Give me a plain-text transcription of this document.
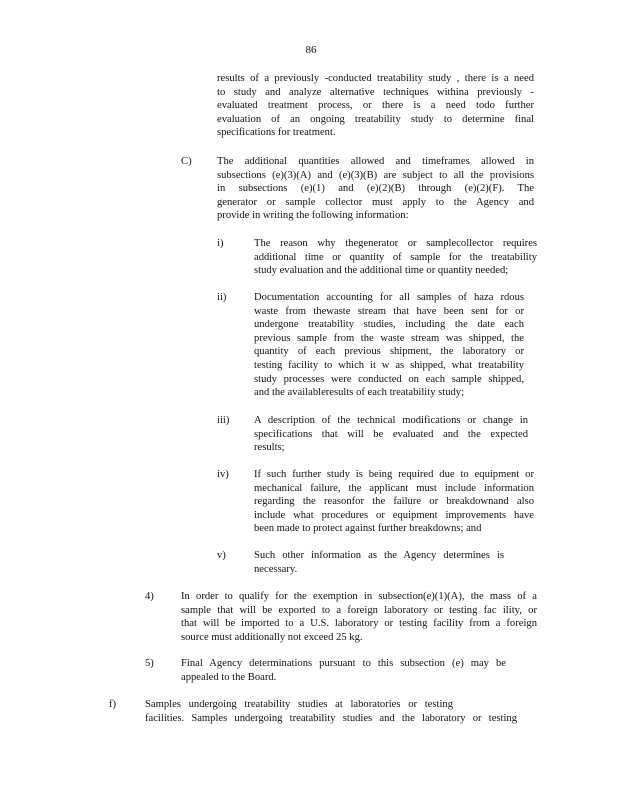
86
results of a previously -conducted treatability study , there is a need
to study and analyze alternative techniques withina previously -
evaluated treatment process, or there is a need todo further
evaluation of an ongoing treatability study to determine final
specifications for treatment.
C) The additional quantities allowed and timeframes allowed in
subsections (e)(3)(A) and (e)(3)(B) are subject to all the provisions
in subsections (e)(1) and (e)(2)(B) through (e)(2)(F). The
generator or sample collector must apply to the Agency and
provide in writing the following information:
i)	The reason why thegenerator or samplecollector requires
additional time or quantity of sample for the treatability
study evaluation and the additional time or quantity needed;
ii)	Documentation accounting for all samples of haza rdous
waste from thewaste stream that have been sent for or
undergone treatability studies, including the date each
previous sample from the waste stream was shipped, the
quantity of each previous shipment, the laboratory or
testing facility to which it w as shipped, what treatability
study processes were conducted on each sample shipped,
and the availableresults of each treatability study;
iii) A description of the technical modifications or change in
specifications that will be evaluated and the expected
results;
iv) If such further study is being required due to equipment or
mechanical failure, the applicant must include information
regarding the reasonfor the failure or breakdownand also
include what procedures or equipment improvements have
been made to protect against further breakdowns; and
v)	Such other information as the Agency determines is
necessary.
4)	In order to qualify for the exemption in subsection(e)(1)(A), the mass of a
sample that will be exported to a foreign laboratory or testing fac ility, or
that will be imported to a U.S. laboratory or testing facility from a foreign
source must additionally not exceed 25 kg.
5)	Final Agency determinations pursuant to this subsection (e) may be
appealed to the Board.
f)	Samples undergoing treatability studies at laboratories or testing
facilities. Samples undergoing treatability studies and the laboratory or testing
